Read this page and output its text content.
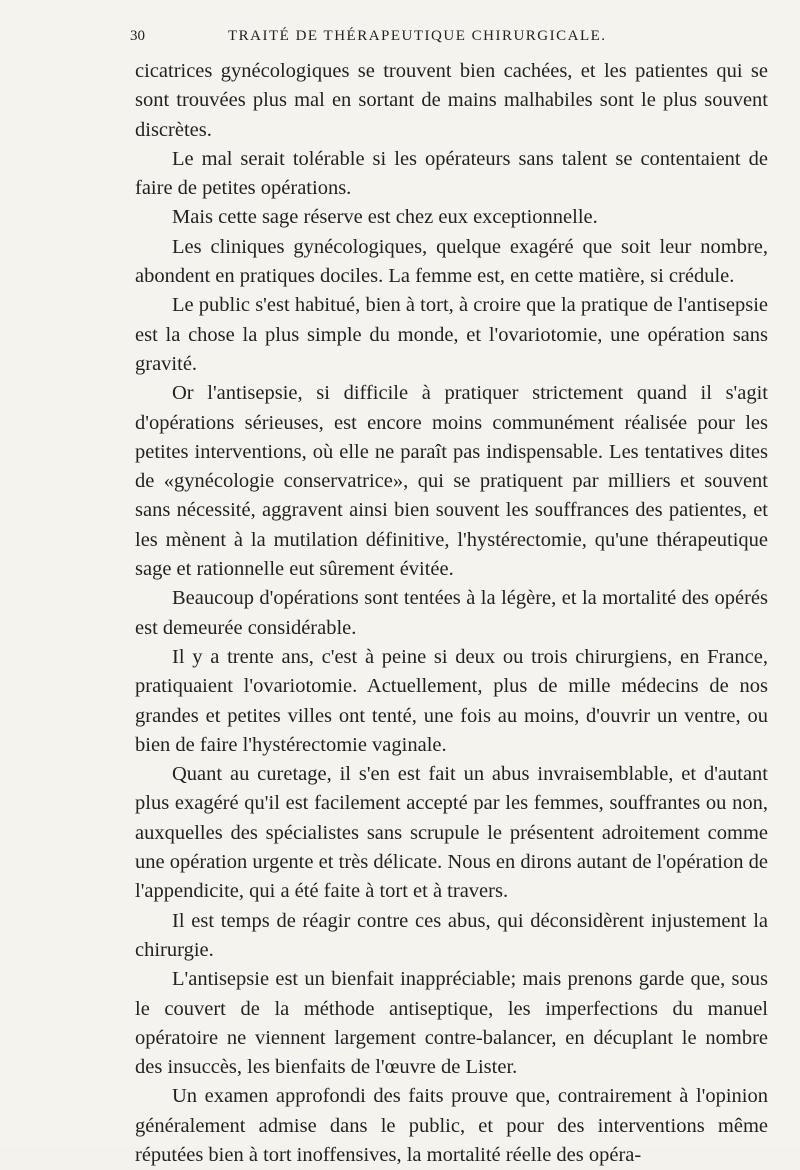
30	TRAITÉ DE THÉRAPEUTIQUE CHIRURGICALE.

cicatrices gynécologiques se trouvent bien cachées, et les patientes qui se sont trouvées plus mal en sortant de mains malhabiles sont le plus souvent discrètes.

Le mal serait tolérable si les opérateurs sans talent se contentaient de faire de petites opérations.

Mais cette sage réserve est chez eux exceptionnelle.

Les cliniques gynécologiques, quelque exagéré que soit leur nombre, abondent en pratiques dociles. La femme est, en cette matière, si crédule.

Le public s'est habitué, bien à tort, à croire que la pratique de l'antisepsie est la chose la plus simple du monde, et l'ovariotomie, une opération sans gravité.

Or l'antisepsie, si difficile à pratiquer strictement quand il s'agit d'opérations sérieuses, est encore moins communément réalisée pour les petites interventions, où elle ne paraît pas indispensable. Les tentatives dites de «gynécologie conservatrice», qui se pratiquent par milliers et souvent sans nécessité, aggravent ainsi bien souvent les souffrances des patientes, et les mènent à la mutilation définitive, l'hystérectomie, qu'une thérapeutique sage et rationnelle eut sûrement évitée.

Beaucoup d'opérations sont tentées à la légère, et la mortalité des opérés est demeurée considérable.

Il y a trente ans, c'est à peine si deux ou trois chirurgiens, en France, pratiquaient l'ovariotomie. Actuellement, plus de mille médecins de nos grandes et petites villes ont tenté, une fois au moins, d'ouvrir un ventre, ou bien de faire l'hystérectomie vaginale.

Quant au curetage, il s'en est fait un abus invraisemblable, et d'autant plus exagéré qu'il est facilement accepté par les femmes, souffrantes ou non, auxquelles des spécialistes sans scrupule le présentent adroitement comme une opération urgente et très délicate. Nous en dirons autant de l'opération de l'appendicite, qui a été faite à tort et à travers.

Il est temps de réagir contre ces abus, qui déconsidèrent injustement la chirurgie.

L'antisepsie est un bienfait inappréciable; mais prenons garde que, sous le couvert de la méthode antiseptique, les imperfections du manuel opératoire ne viennent largement contre-balancer, en décuplant le nombre des insuccès, les bienfaits de l'œuvre de Lister.

Un examen approfondi des faits prouve que, contrairement à l'opinion généralement admise dans le public, et pour des interventions même réputées bien à tort inoffensives, la mortalité réelle des opéra-
